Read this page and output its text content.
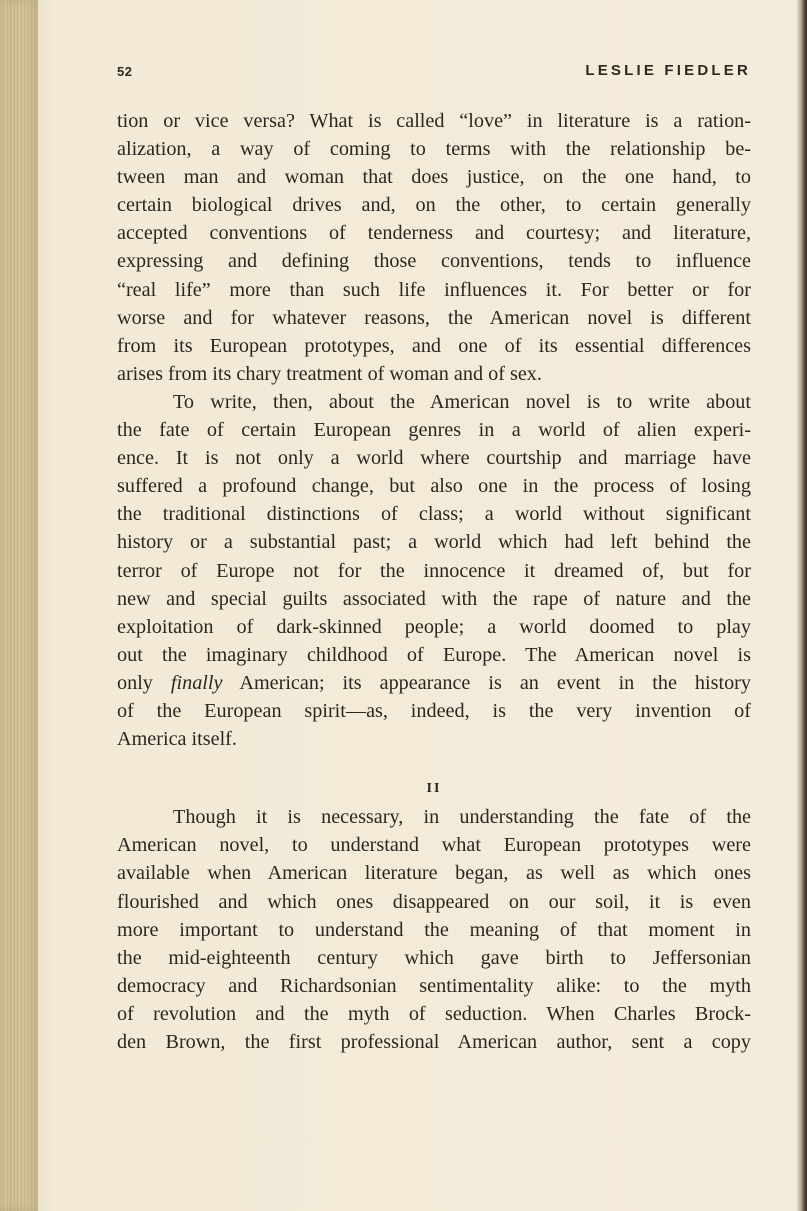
52	LESLIE FIEDLER
tion or vice versa? What is called “love” in literature is a ration-
alization, a way of coming to terms with the relationship be-
tween man and woman that does justice, on the one hand, to
certain biological drives and, on the other, to certain generally
accepted conventions of tenderness and courtesy; and literature,
expressing and defining those conventions, tends to influence
“real life” more than such life influences it. For better or for
worse and for whatever reasons, the American novel is different
from its European prototypes, and one of its essential differences
arises from its chary treatment of woman and of sex.
To write, then, about the American novel is to write about
the fate of certain European genres in a world of alien experi-
ence. It is not only a world where courtship and marriage have
suffered a profound change, but also one in the process of losing
the traditional distinctions of class; a world without significant
history or a substantial past; a world which had left behind the
terror of Europe not for the innocence it dreamed of, but for
new and special guilts associated with the rape of nature and the
exploitation of dark-skinned people; a world doomed to play
out the imaginary childhood of Europe. The American novel is
only finally American; its appearance is an event in the history
of the European spirit—as, indeed, is the very invention of
America itself.
II
Though it is necessary, in understanding the fate of the
American novel, to understand what European prototypes were
available when American literature began, as well as which ones
flourished and which ones disappeared on our soil, it is even
more important to understand the meaning of that moment in
the mid-eighteenth century which gave birth to Jeffersonian
democracy and Richardsonian sentimentality alike: to the myth
of revolution and the myth of seduction. When Charles Brock-
den Brown, the first professional American author, sent a copy
